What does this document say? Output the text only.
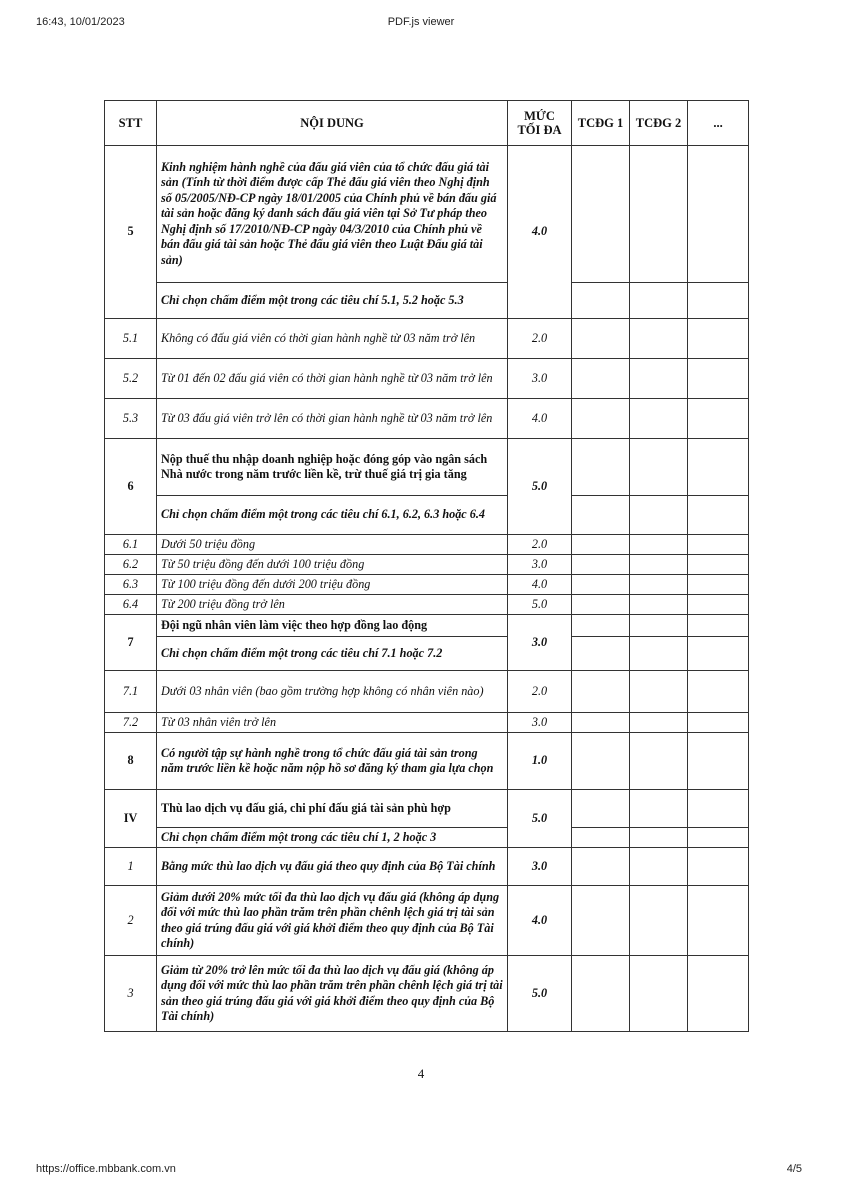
16:43, 10/01/2023	PDF.js viewer
STT	NỘI DUNG	MỨC TỐI ĐA	TCĐG 1	TCĐG 2	...
5	Kinh nghiệm hành nghề của đấu giá viên của tổ chức đấu giá tài sản (Tính từ thời điểm được cấp Thẻ đấu giá viên theo Nghị định số 05/2005/NĐ-CP ngày 18/01/2005 của Chính phủ về bán đấu giá tài sản hoặc đăng ký danh sách đấu giá viên tại Sở Tư pháp theo Nghị định số 17/2010/NĐ-CP ngày 04/3/2010 của Chính phủ về bán đấu giá tài sản hoặc Thẻ đấu giá viên theo Luật Đấu giá tài sản)	4.0			
	Chỉ chọn chấm điểm một trong các tiêu chí 5.1, 5.2 hoặc 5.3				
5.1	Không có đấu giá viên có thời gian hành nghề từ 03 năm trở lên	2.0			
5.2	Từ 01 đến 02 đấu giá viên có thời gian hành nghề từ 03 năm trở lên	3.0			
5.3	Từ 03 đấu giá viên trở lên có thời gian hành nghề từ 03 năm trở lên	4.0			
6	Nộp thuế thu nhập doanh nghiệp hoặc đóng góp vào ngân sách Nhà nước trong năm trước liền kề, trừ thuế giá trị gia tăng	5.0			
	Chỉ chọn chấm điểm một trong các tiêu chí 6.1, 6.2, 6.3 hoặc 6.4				
6.1	Dưới 50 triệu đồng	2.0			
6.2	Từ 50 triệu đồng đến dưới 100 triệu đồng	3.0			
6.3	Từ 100 triệu đồng đến dưới 200 triệu đồng	4.0			
6.4	Từ 200 triệu đồng trở lên	5.0			
7	Đội ngũ nhân viên làm việc theo hợp đồng lao động	3.0			
	Chỉ chọn chấm điểm một trong các tiêu chí 7.1 hoặc 7.2				
7.1	Dưới 03 nhân viên (bao gồm trường hợp không có nhân viên nào)	2.0			
7.2	Từ 03 nhân viên trở lên	3.0			
8	Có người tập sự hành nghề trong tổ chức đấu giá tài sản trong năm trước liền kề hoặc năm nộp hồ sơ đăng ký tham gia lựa chọn	1.0			
IV	Thù lao dịch vụ đấu giá, chi phí đấu giá tài sản phù hợp	5.0			
	Chỉ chọn chấm điểm một trong các tiêu chí 1, 2 hoặc 3				
1	Bằng mức thù lao dịch vụ đấu giá theo quy định của Bộ Tài chính	3.0			
2	Giảm dưới 20% mức tối đa thù lao dịch vụ đấu giá (không áp dụng đối với mức thù lao phần trăm trên phần chênh lệch giá trị tài sản theo giá trúng đấu giá với giá khởi điểm theo quy định của Bộ Tài chính)	4.0			
3	Giảm từ 20% trở lên mức tối đa thù lao dịch vụ đấu giá (không áp dụng đối với mức thù lao phần trăm trên phần chênh lệch giá trị tài sản theo giá trúng đấu giá với giá khởi điểm theo quy định của Bộ Tài chính)	5.0			
4
https://office.mbbank.com.vn	4/5
